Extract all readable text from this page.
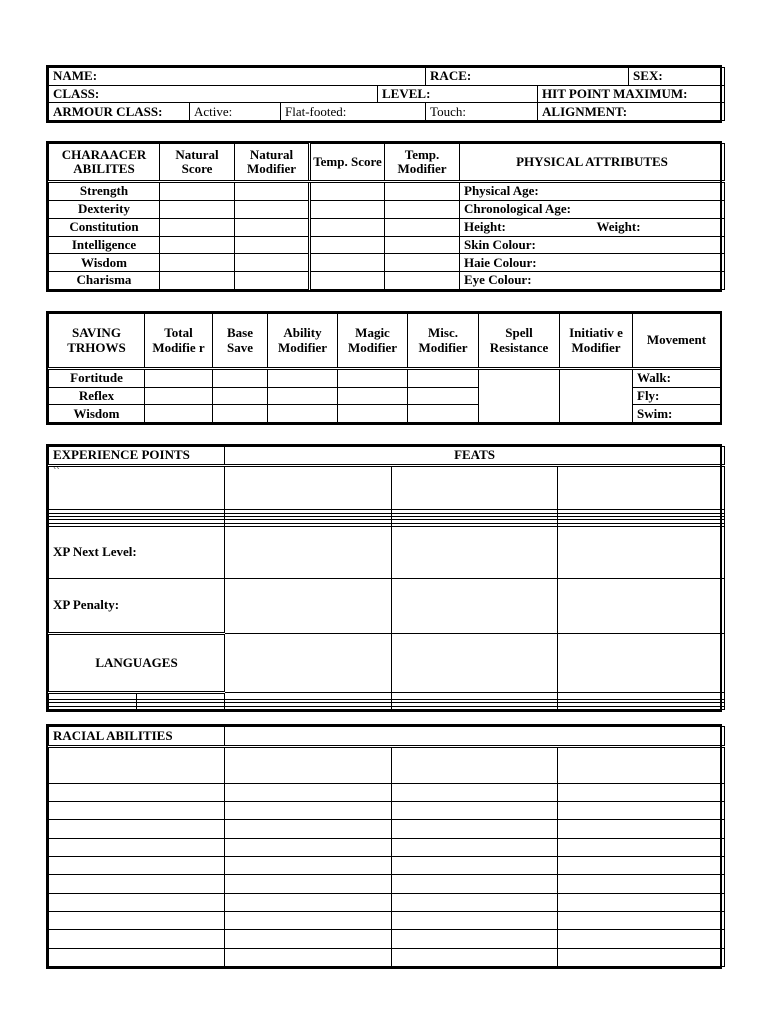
NAME:				RACE:		SEX:
CLASS:			LEVEL:		HIT POINT MAXIMUM:	
ARMOUR CLASS:	Active:	Flat-footed:		Touch:	ALIGNMENT:	
CHARAACER ABILITES	Natural Score	Natural Modifier	Temp. Score	Temp. Modifier	PHYSICAL ATTRIBUTES	
Strength					Physical Age:	
Dexterity					Chronological Age:	
Constitution					Height:	Weight:
Intelligence					Skin Colour:	
Wisdom					Haie Colour:	
Charisma					Eye Colour:	
SAVING TRHOWS	Total Modifie r	Base Save	Ability Modifier	Magic Modifier	Misc. Modifier	Spell Resistance	Initiativ e Modifier	Movement
Fortitude								Walk:
Reflex								Fly:
Wisdom								Swim:
EXPERIENCE POINTS		FEATS		
``				

XP Next Level:				
XP Penalty:				
LANGUAGES				

RACIAL ABILITIES			
